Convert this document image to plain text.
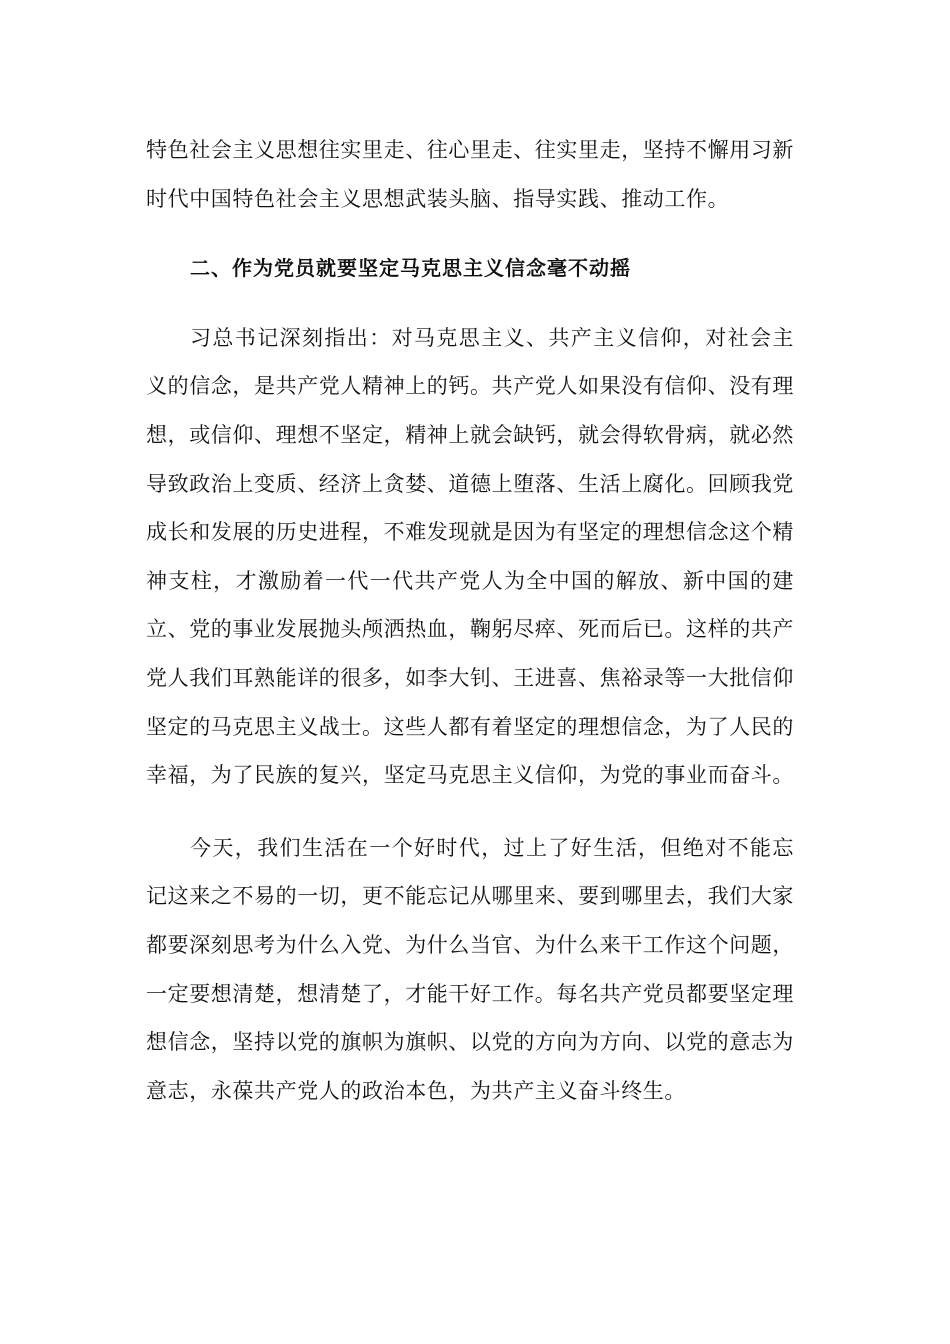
特色社会主义思想往实里走、往心里走、往实里走，坚持不懈用习新时代中国特色社会主义思想武装头脑、指导实践、推动工作。

二、作为党员就要坚定马克思主义信念毫不动摇

习总书记深刻指出：对马克思主义、共产主义信仰，对社会主义的信念，是共产党人精神上的钙。共产党人如果没有信仰、没有理想，或信仰、理想不坚定，精神上就会缺钙，就会得软骨病，就必然导致政治上变质、经济上贪婪、道德上堕落、生活上腐化。回顾我党成长和发展的历史进程，不难发现就是因为有坚定的理想信念这个精神支柱，才激励着一代一代共产党人为全中国的解放、新中国的建立、党的事业发展抛头颅洒热血，鞠躬尽瘁、死而后已。这样的共产党人我们耳熟能详的很多，如李大钊、王进喜、焦裕录等一大批信仰坚定的马克思主义战士。这些人都有着坚定的理想信念，为了人民的幸福，为了民族的复兴，坚定马克思主义信仰，为党的事业而奋斗。

今天，我们生活在一个好时代，过上了好生活，但绝对不能忘记这来之不易的一切，更不能忘记从哪里来、要到哪里去，我们大家都要深刻思考为什么入党、为什么当官、为什么来干工作这个问题，一定要想清楚，想清楚了，才能干好工作。每名共产党员都要坚定理想信念，坚持以党的旗帜为旗帜、以党的方向为方向、以党的意志为意志，永葆共产党人的政治本色，为共产主义奋斗终生。
